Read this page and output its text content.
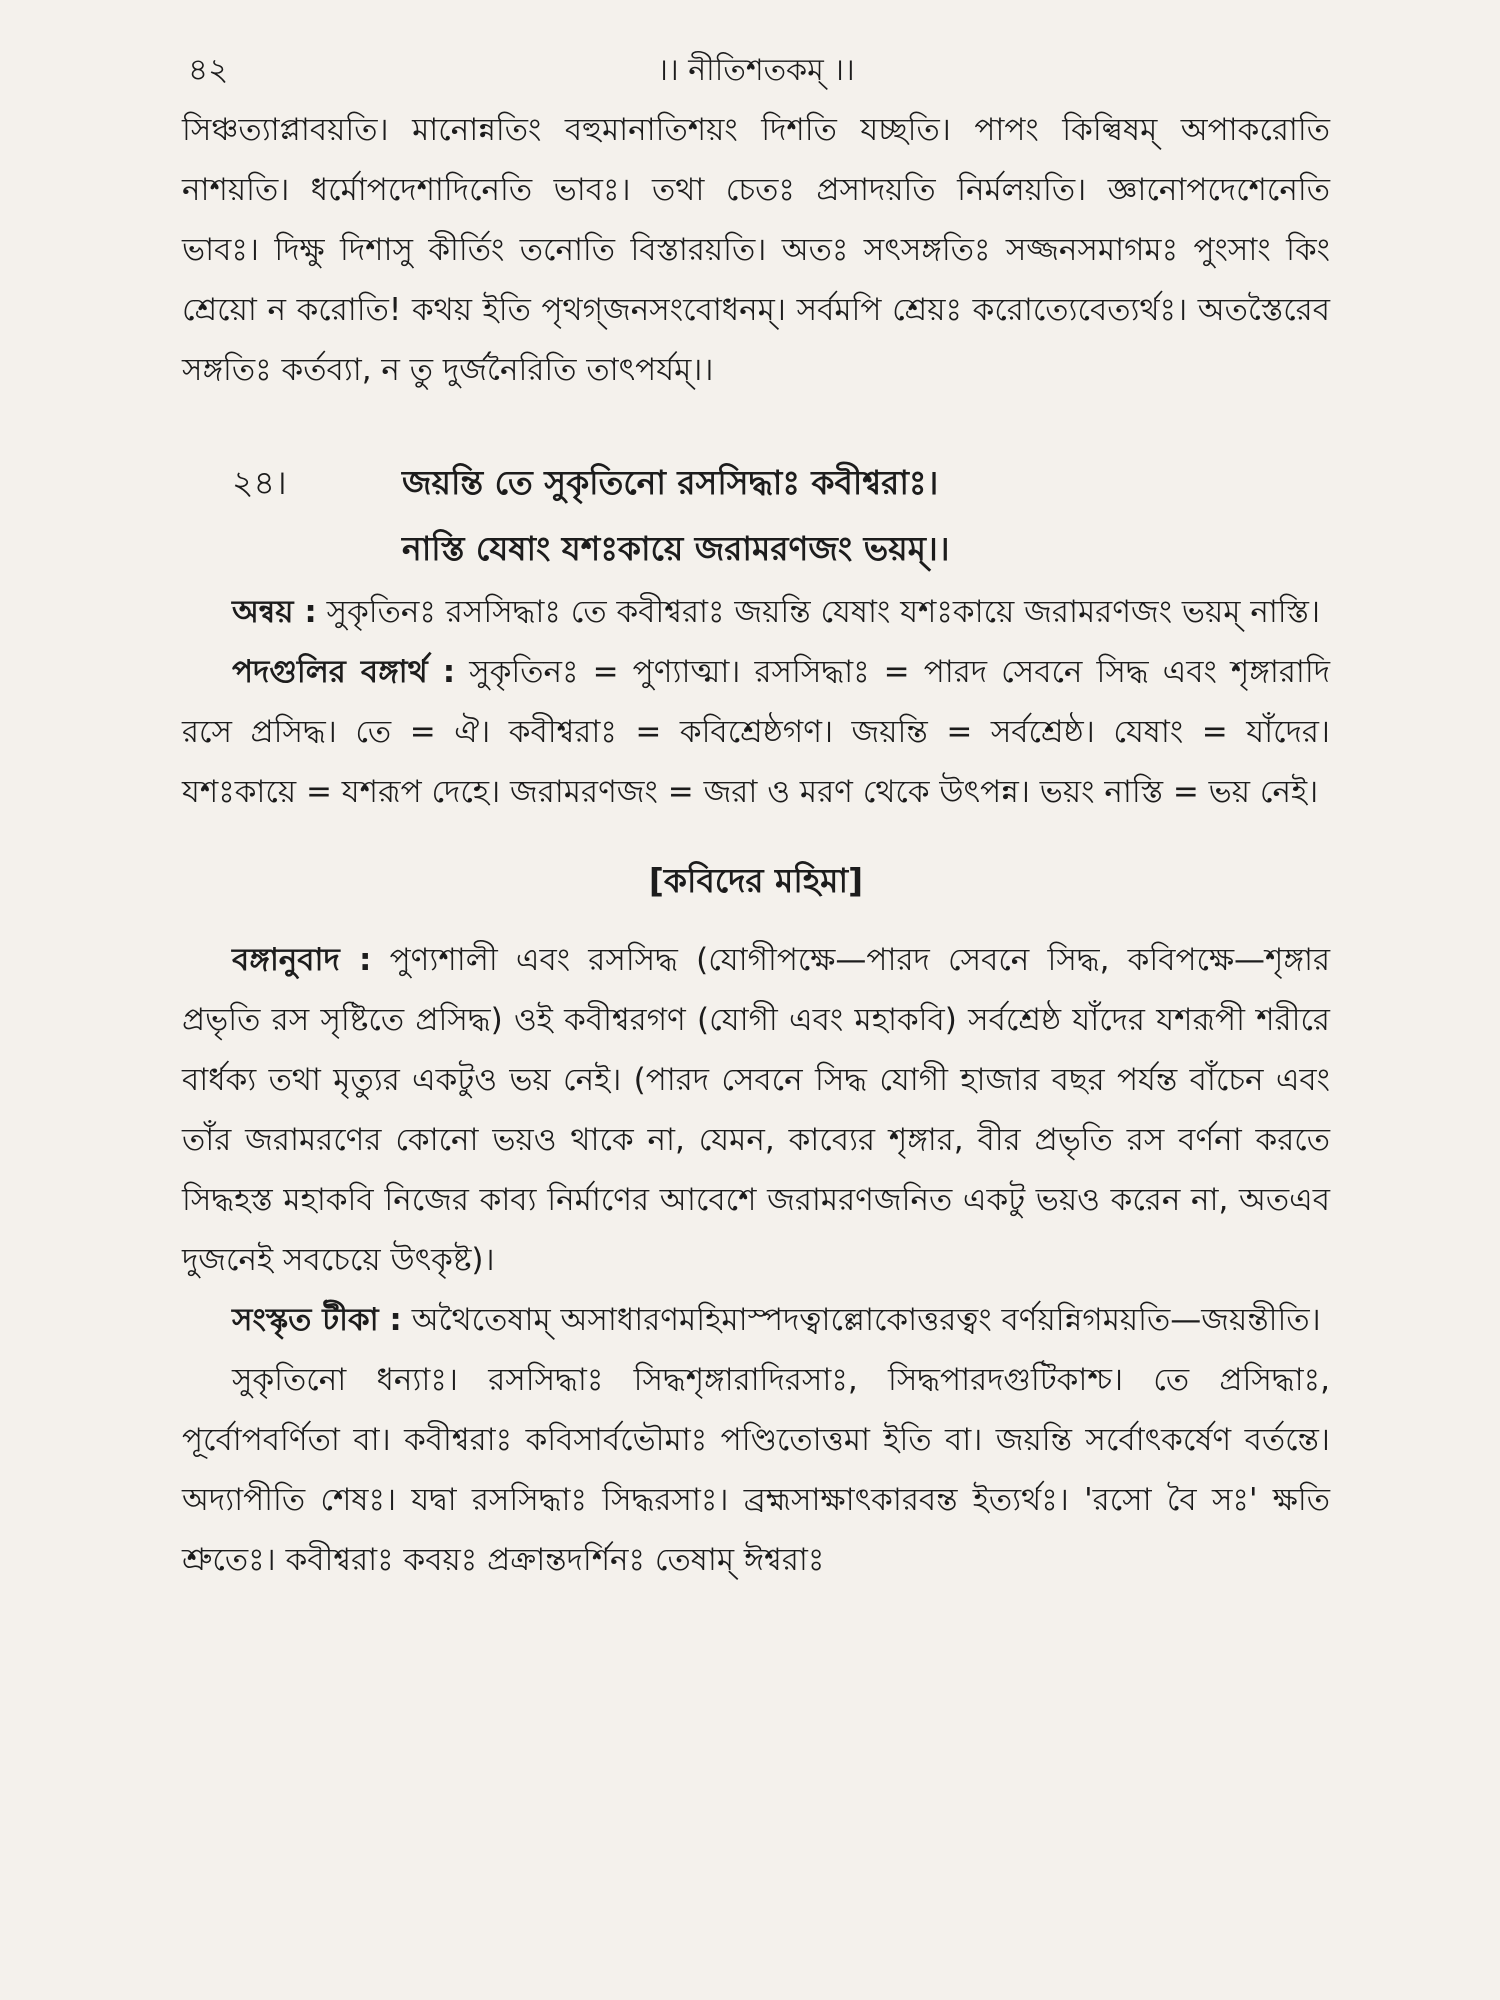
৪২	।। নীতিশতকম্ ।।

সিঞ্চত্যাপ্লাবয়তি। মানোন্নতিং বহুমানাতিশয়ং দিশতি যচ্ছতি। পাপং কিল্বিষম্ অপাকরোতি নাশয়তি। ধর্মোপদেশাদিনেতি ভাবঃ। তথা চেতঃ প্রসাদয়তি নির্মলয়তি। জ্ঞানোপদেশেনেতি ভাবঃ। দিক্ষু দিশাসু কীর্তিং তনোতি বিস্তারয়তি। অতঃ সৎসঙ্গতিঃ সজ্জনসমাগমঃ পুংসাং কিং শ্রেয়ো ন করোতি! কথয় ইতি পৃথগ্জনসংবোধনম্। সর্বমপি শ্রেয়ঃ করোত্যেবেত্যর্থঃ। অতস্তৈরেব সঙ্গতিঃ কর্তব্যা, ন তু দুর্জনৈরিতি তাৎপর্যম্।।

২৪।	জয়ন্তি তে সুকৃতিনো রসসিদ্ধাঃ কবীশ্বরাঃ।
নাস্তি যেষাং যশঃকায়ে জরামরণজং ভয়ম্।।

অন্বয় : সুকৃতিনঃ রসসিদ্ধাঃ তে কবীশ্বরাঃ জয়ন্তি যেষাং যশঃকায়ে জরামরণজং ভয়ম্ নাস্তি।

পদগুলির বঙ্গার্থ : সুকৃতিনঃ = পুণ্যাত্মা। রসসিদ্ধাঃ = পারদ সেবনে সিদ্ধ এবং শৃঙ্গারাদি রসে প্রসিদ্ধ। তে = ঐ। কবীশ্বরাঃ = কবিশ্রেষ্ঠগণ। জয়ন্তি = সর্বশ্রেষ্ঠ। যেষাং = যাঁদের। যশঃকায়ে = যশরূপ দেহে। জরামরণজং = জরা ও মরণ থেকে উৎপন্ন। ভয়ং নাস্তি = ভয় নেই।

[কবিদের মহিমা]

বঙ্গানুবাদ : পুণ্যশালী এবং রসসিদ্ধ (যোগীপক্ষে—পারদ সেবনে সিদ্ধ, কবিপক্ষে—শৃঙ্গার প্রভৃতি রস সৃষ্টিতে প্রসিদ্ধ) ওই কবীশ্বরগণ (যোগী এবং মহাকবি) সর্বশ্রেষ্ঠ যাঁদের যশরূপী শরীরে বার্ধক্য তথা মৃত্যুর একটুও ভয় নেই। (পারদ সেবনে সিদ্ধ যোগী হাজার বছর পর্যন্ত বাঁচেন এবং তাঁর জরামরণের কোনো ভয়ও থাকে না, যেমন, কাব্যের শৃঙ্গার, বীর প্রভৃতি রস বর্ণনা করতে সিদ্ধহস্ত মহাকবি নিজের কাব্য নির্মাণের আবেশে জরামরণজনিত একটু ভয়ও করেন না, অতএব দুজনেই সবচেয়ে উৎকৃষ্ট)।

সংস্কৃত টীকা : অথৈতেষাম্ অসাধারণমহিমাস্পদত্বাল্লোকোত্তরত্বং বর্ণয়ন্নিগময়তি—জয়ন্তীতি।

সুকৃতিনো ধন্যাঃ। রসসিদ্ধাঃ সিদ্ধশৃঙ্গারাদিরসাঃ, সিদ্ধপারদগুটিকাশ্চ। তে প্রসিদ্ধাঃ, পূর্বোপবর্ণিতা বা। কবীশ্বরাঃ কবিসার্বভৌমাঃ পণ্ডিতোত্তমা ইতি বা। জয়ন্তি সর্বোৎকর্ষেণ বর্তন্তে। অদ্যাপীতি শেষঃ। যদ্বা রসসিদ্ধাঃ সিদ্ধরসাঃ। ব্রহ্মসাক্ষাৎকারবন্ত ইত্যর্থঃ। 'রসো বৈ সঃ' ক্ষতি শ্রুতেঃ। কবীশ্বরাঃ কবয়ঃ প্রক্রান্তদর্শিনঃ তেষাম্ ঈশ্বরাঃ
